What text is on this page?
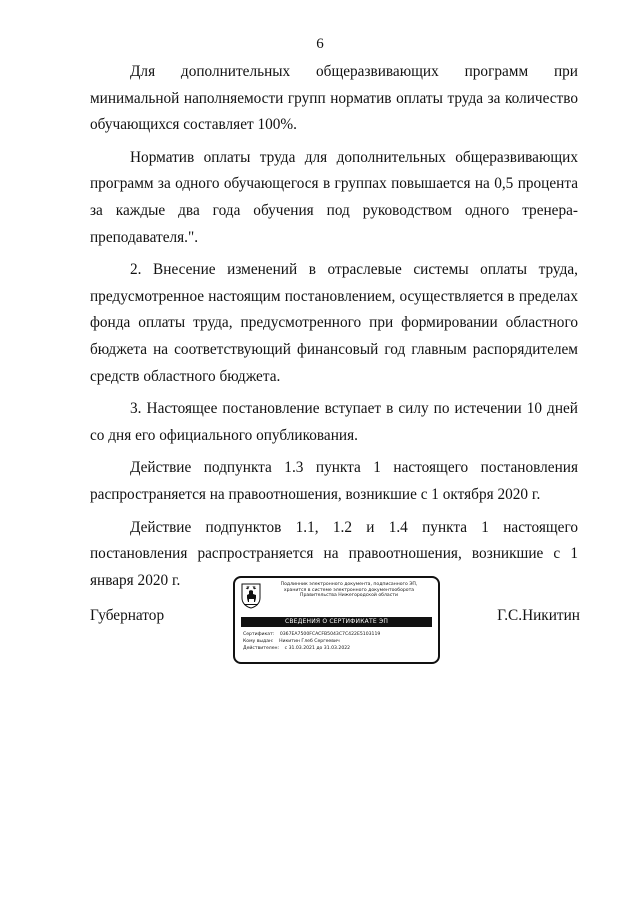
6

Для дополнительных общеразвивающих программ при минимальной наполняемости групп норматив оплаты труда за количество обучающихся составляет 100%.

Норматив оплаты труда для дополнительных общеразвивающих программ за одного обучающегося в группах повышается на 0,5 процента за каждые два года обучения под руководством одного тренера-преподавателя.".

2. Внесение изменений в отраслевые системы оплаты труда, предусмотренное настоящим постановлением, осуществляется в пределах фонда оплаты труда, предусмотренного при формировании областного бюджета на соответствующий финансовый год главным распорядителем средств областного бюджета.

3. Настоящее постановление вступает в силу по истечении 10 дней со дня его официального опубликования.

Действие подпункта 1.3 пункта 1 настоящего постановления распространяется на правоотношения, возникшие с 1 октября 2020 г.

Действие подпунктов 1.1, 1.2 и 1.4 пункта 1 настоящего постановления распространяется на правоотношения, возникшие с 1 января 2020 г.

Губернатор	Г.С.Никитин
Подлинник электронного документа, подписанного ЭП,
хранится в системе электронного документооборота
Правительства Нижегородской области
СВЕДЕНИЯ О СЕРТИФИКАТЕ ЭП
Сертификат: 0367EA7500FCACFB5043C7C422E5103119
Кому выдан: Никитин Глеб Сергеевич
Действителен: с 31.03.2021 до 31.03.2022
